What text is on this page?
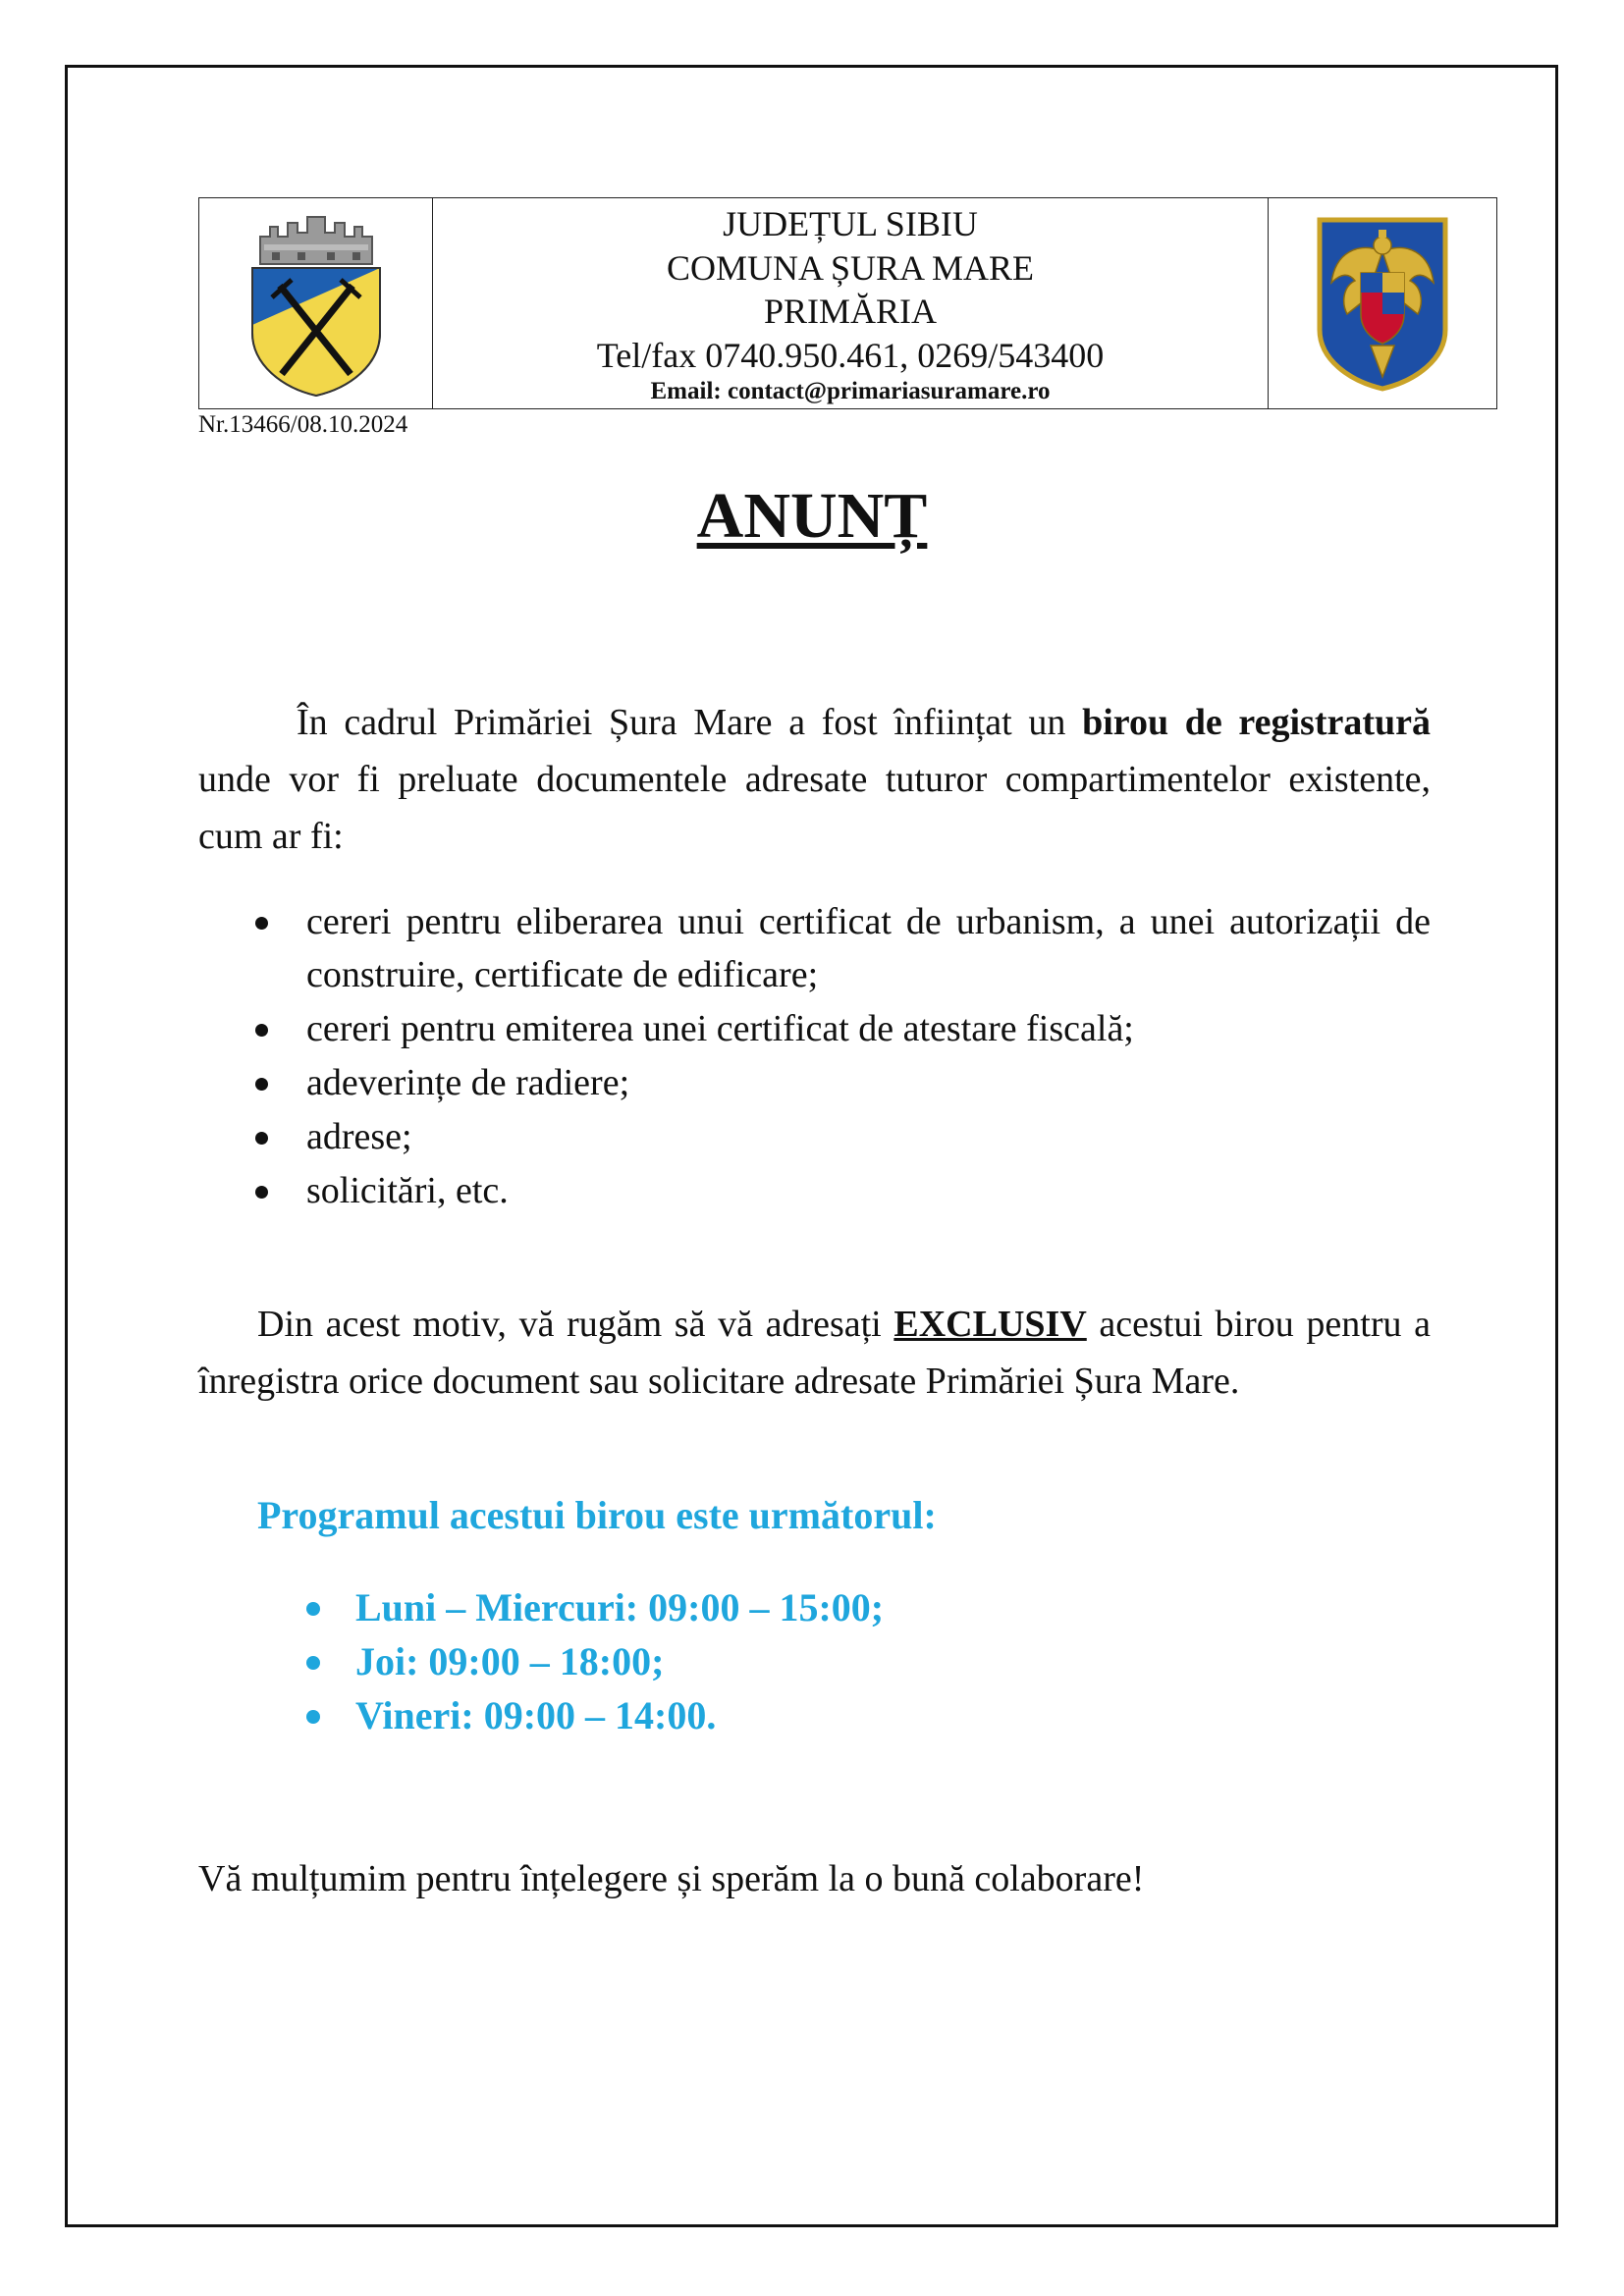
JUDEȚUL SIBIU
COMUNA ȘURA MARE
PRIMĂRIA
Tel/fax 0740.950.461, 0269/543400
Email: contact@primariasuramare.ro
Nr.13466/08.10.2024
ANUNȚ
În cadrul Primăriei Șura Mare a fost înființat un birou de registratură unde vor fi preluate documentele adresate tuturor compartimentelor existente, cum ar fi:
cereri pentru eliberarea unui certificat de urbanism, a unei autorizații de construire, certificate de edificare;
cereri pentru emiterea unei certificat de atestare fiscală;
adeverințe de radiere;
adrese;
solicitări, etc.
Din acest motiv, vă rugăm să vă adresați EXCLUSIV acestui birou pentru a înregistra orice document sau solicitare adresate Primăriei Șura Mare.
Programul acestui birou este următorul:
Luni – Miercuri: 09:00 – 15:00;
Joi: 09:00 – 18:00;
Vineri: 09:00 – 14:00.
Vă mulțumim pentru înțelegere și sperăm la o bună colaborare!
